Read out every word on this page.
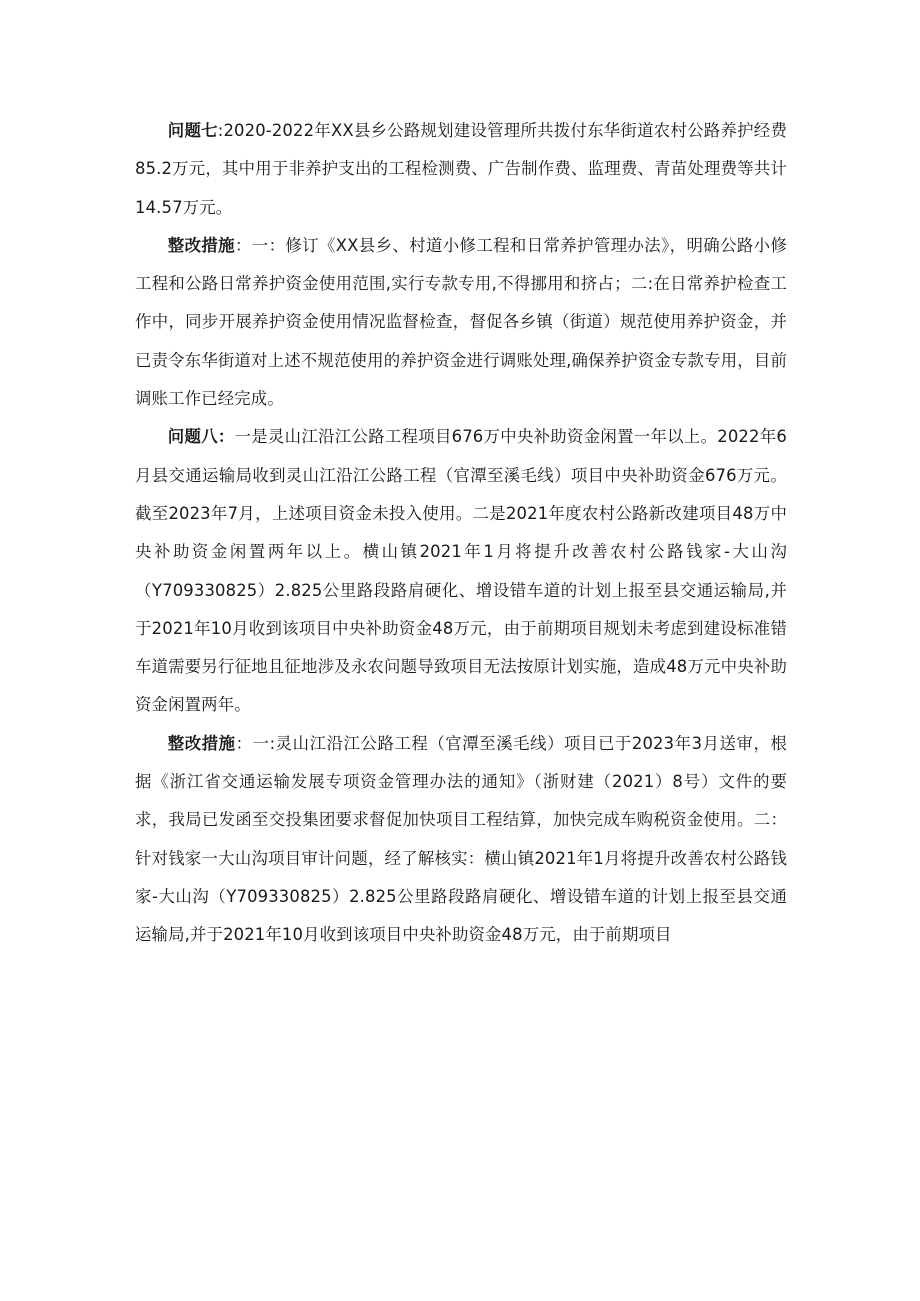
问题七:2020-2022年XX县乡公路规划建设管理所共拨付东华街道农村公路养护经费85.2万元，其中用于非养护支出的工程检测费、广告制作费、监理费、青苗处理费等共计14.57万元。

整改措施：一：修订《XX县乡、村道小修工程和日常养护管理办法》，明确公路小修工程和公路日常养护资金使用范围,实行专款专用,不得挪用和挤占；二:在日常养护检查工作中，同步开展养护资金使用情况监督检查，督促各乡镇（街道）规范使用养护资金，并已责令东华街道对上述不规范使用的养护资金进行调账处理,确保养护资金专款专用，目前调账工作已经完成。

问题八：一是灵山江沿江公路工程项目676万中央补助资金闲置一年以上。2022年6月县交通运输局收到灵山江沿江公路工程（官潭至溪毛线）项目中央补助资金676万元。截至2023年7月，上述项目资金未投入使用。二是2021年度农村公路新改建项目48万中央补助资金闲置两年以上。横山镇2021年1月将提升改善农村公路钱家-大山沟（Y709330825）2.825公里路段路肩硬化、增设错车道的计划上报至县交通运输局,并于2021年10月收到该项目中央补助资金48万元，由于前期项目规划未考虑到建设标准错车道需要另行征地且征地涉及永农问题导致项目无法按原计划实施，造成48万元中央补助资金闲置两年。

整改措施：一:灵山江沿江公路工程（官潭至溪毛线）项目已于2023年3月送审，根据《浙江省交通运输发展专项资金管理办法的通知》（浙财建（2021）8号）文件的要求，我局已发函至交投集团要求督促加快项目工程结算，加快完成车购税资金使用。二：针对钱家一大山沟项目审计问题，经了解核实：横山镇2021年1月将提升改善农村公路钱家-大山沟（Y709330825）2.825公里路段路肩硬化、增设错车道的计划上报至县交通运输局,并于2021年10月收到该项目中央补助资金48万元，由于前期项目
